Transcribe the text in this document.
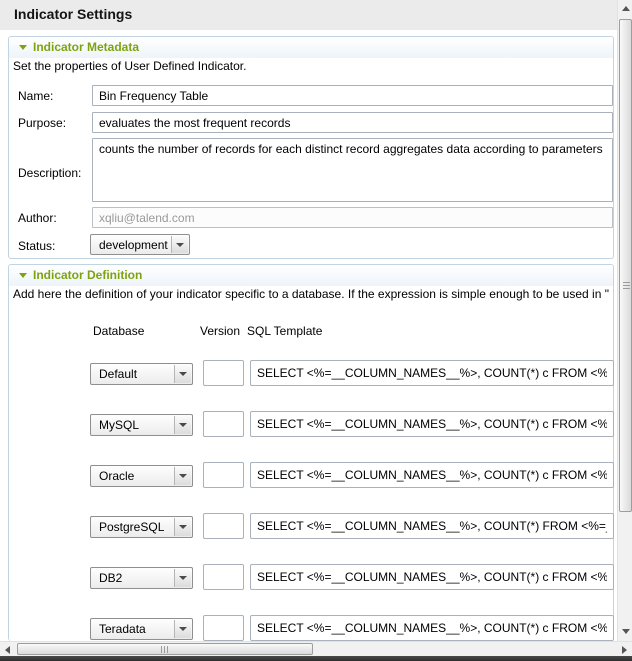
Indicator Settings
Indicator Metadata
Set the properties of User Defined Indicator.
Name:
Bin Frequency Table
Purpose:
evaluates the most frequent records
Description:
counts the number of records for each distinct record aggregates data according to parameters
Author:
xqliu@talend.com
Status:	development
Indicator Definition
Add here the definition of your indicator specific to a database. If the expression is simple enough to be used in "
Database	Version SQL Template
Default
SELECT <%=__COLUMN_NAMES__%>, COUNT(*) c FROM <%=__TA
MySQL
SELECT <%=__COLUMN_NAMES__%>, COUNT(*) c FROM <%=__TA
Oracle
SELECT <%=__COLUMN_NAMES__%>, COUNT(*) c FROM <%=__TA
PostgreSQL
SELECT <%=__COLUMN_NAMES__%>, COUNT(*) FROM <%=__TAB
DB2
SELECT <%=__COLUMN_NAMES__%>, COUNT(*) c FROM <%=__TA
Teradata
SELECT <%=__COLUMN_NAMES__%>, COUNT(*) c FROM <%=__TA
